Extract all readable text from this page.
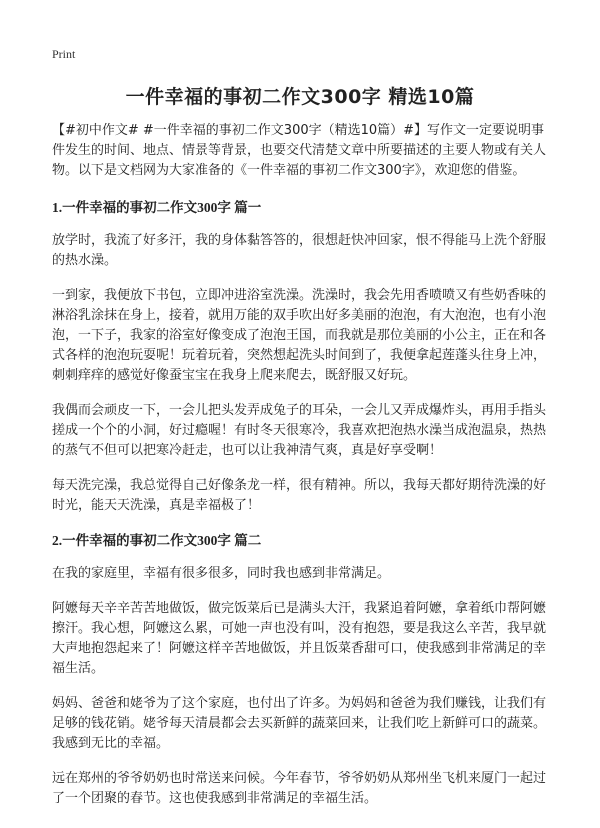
Print
一件幸福的事初二作文300字 精选10篇

【#初中作文# #一件幸福的事初二作文300字（精选10篇）#】写作文一定要说明事件发生的时间、地点、情景等背景，也要交代清楚文章中所要描述的主要人物或有关人物。以下是文档网为大家准备的《一件幸福的事初二作文300字》，欢迎您的借鉴。

1.一件幸福的事初二作文300字 篇一

放学时，我流了好多汗，我的身体黏答答的，很想赶快冲回家，恨不得能马上洗个舒服的热水澡。

一到家，我便放下书包，立即冲进浴室洗澡。洗澡时，我会先用香喷喷又有些奶香味的淋浴乳涂抹在身上，接着，就用万能的双手吹出好多美丽的泡泡，有大泡泡，也有小泡泡，一下子，我家的浴室好像变成了泡泡王国，而我就是那位美丽的小公主，正在和各式各样的泡泡玩耍呢！玩着玩着，突然想起洗头时间到了，我便拿起莲蓬头往身上冲，刺刺痒痒的感觉好像蚕宝宝在我身上爬来爬去，既舒服又好玩。

我偶而会顽皮一下，一会儿把头发弄成兔子的耳朵，一会儿又弄成爆炸头，再用手指头搓成一个个的小洞，好过瘾喔！有时冬天很寒冷，我喜欢把泡热水澡当成泡温泉，热热的蒸气不但可以把寒冷赶走，也可以让我神清气爽，真是好享受啊！

每天洗完澡，我总觉得自己好像条龙一样，很有精神。所以，我每天都好期待洗澡的好时光，能天天洗澡，真是幸福极了！

2.一件幸福的事初二作文300字 篇二

在我的家庭里，幸福有很多很多，同时我也感到非常满足。

阿嬷每天辛辛苦苦地做饭，做完饭菜后已是满头大汗，我紧追着阿嬷，拿着纸巾帮阿嬷擦汗。我心想，阿嬷这么累，可她一声也没有叫，没有抱怨，要是我这么辛苦，我早就大声地抱怨起来了！阿嬷这样辛苦地做饭，并且饭菜香甜可口，使我感到非常满足的幸福生活。

妈妈、爸爸和姥爷为了这个家庭，也付出了许多。为妈妈和爸爸为我们赚钱，让我们有足够的钱花销。姥爷每天清晨都会去买新鲜的蔬菜回来，让我们吃上新鲜可口的蔬菜。我感到无比的幸福。

远在郑州的爷爷奶奶也时常送来问候。今年春节，爷爷奶奶从郑州坐飞机来厦门一起过了一个团聚的春节。这也使我感到非常满足的幸福生活。
